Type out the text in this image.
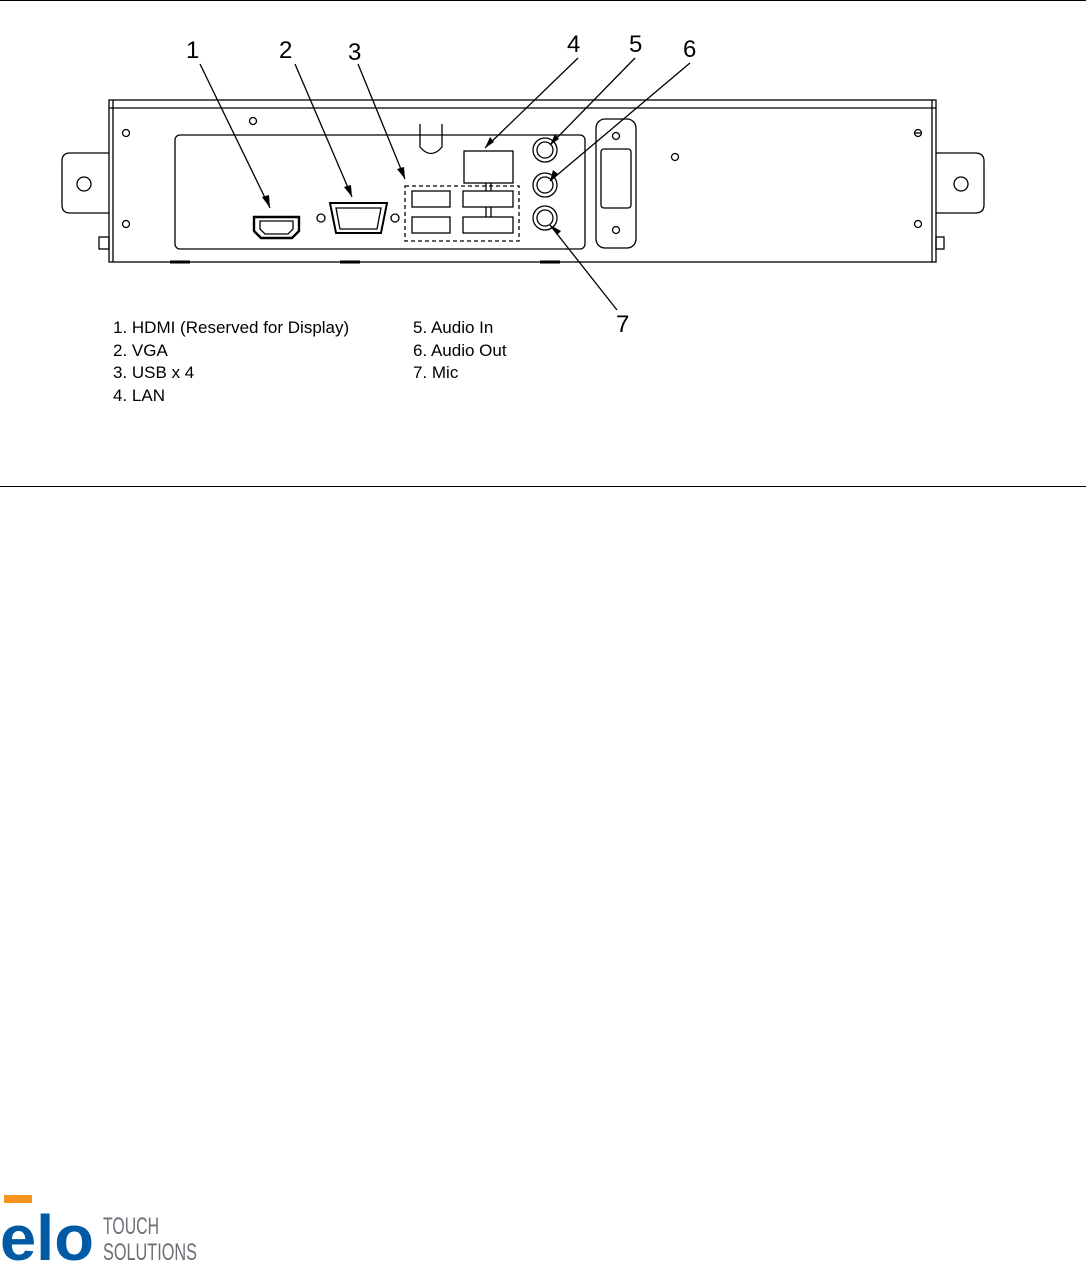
1	2 3	4 5 6
7
1. HDMI (Reserved for Display)
2. VGA
3. USB x 4
4. LAN
5. Audio In
6. Audio Out
7. Mic
elo TOUCH
SOLUTIONS
